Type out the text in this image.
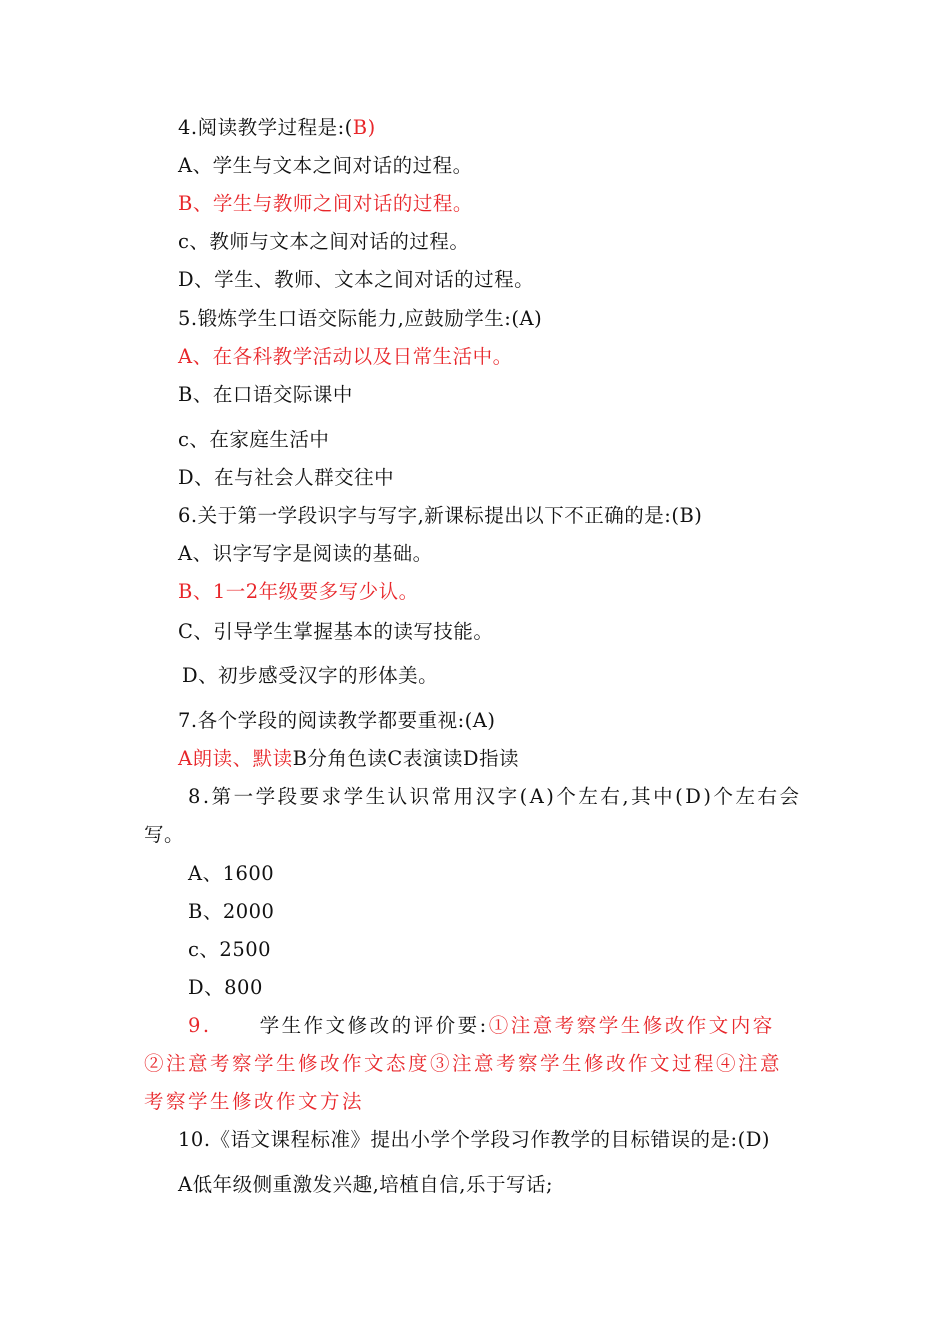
4.阅读教学过程是:(B)
A、学生与文本之间对话的过程。
B、学生与教师之间对话的过程。
c、教师与文本之间对话的过程。
D、学生、教师、文本之间对话的过程。
5.锻炼学生口语交际能力,应鼓励学生:(A)
A、在各科教学活动以及日常生活中。
B、在口语交际课中
c、在家庭生活中
D、在与社会人群交往中
6.关于第一学段识字与写字,新课标提出以下不正确的是:(B)
A、识字写字是阅读的基础。
B、1一2年级要多写少认。
C、引导学生掌握基本的读写技能。
D、初步感受汉字的形体美。
7.各个学段的阅读教学都要重视:(A)
A朗读、默读B分角色读C表演读D指读
8.第一学段要求学生认识常用汉字(A)个左右,其中(D)个左右会
写。
A、1600
B、2000
c、2500
D、800
9. 学生作文修改的评价要:①注意考察学生修改作文内容
②注意考察学生修改作文态度③注意考察学生修改作文过程④注意
考察学生修改作文方法
10.《语文课程标准》提出小学个学段习作教学的目标错误的是:(D)
A低年级侧重激发兴趣,培植自信,乐于写话;
